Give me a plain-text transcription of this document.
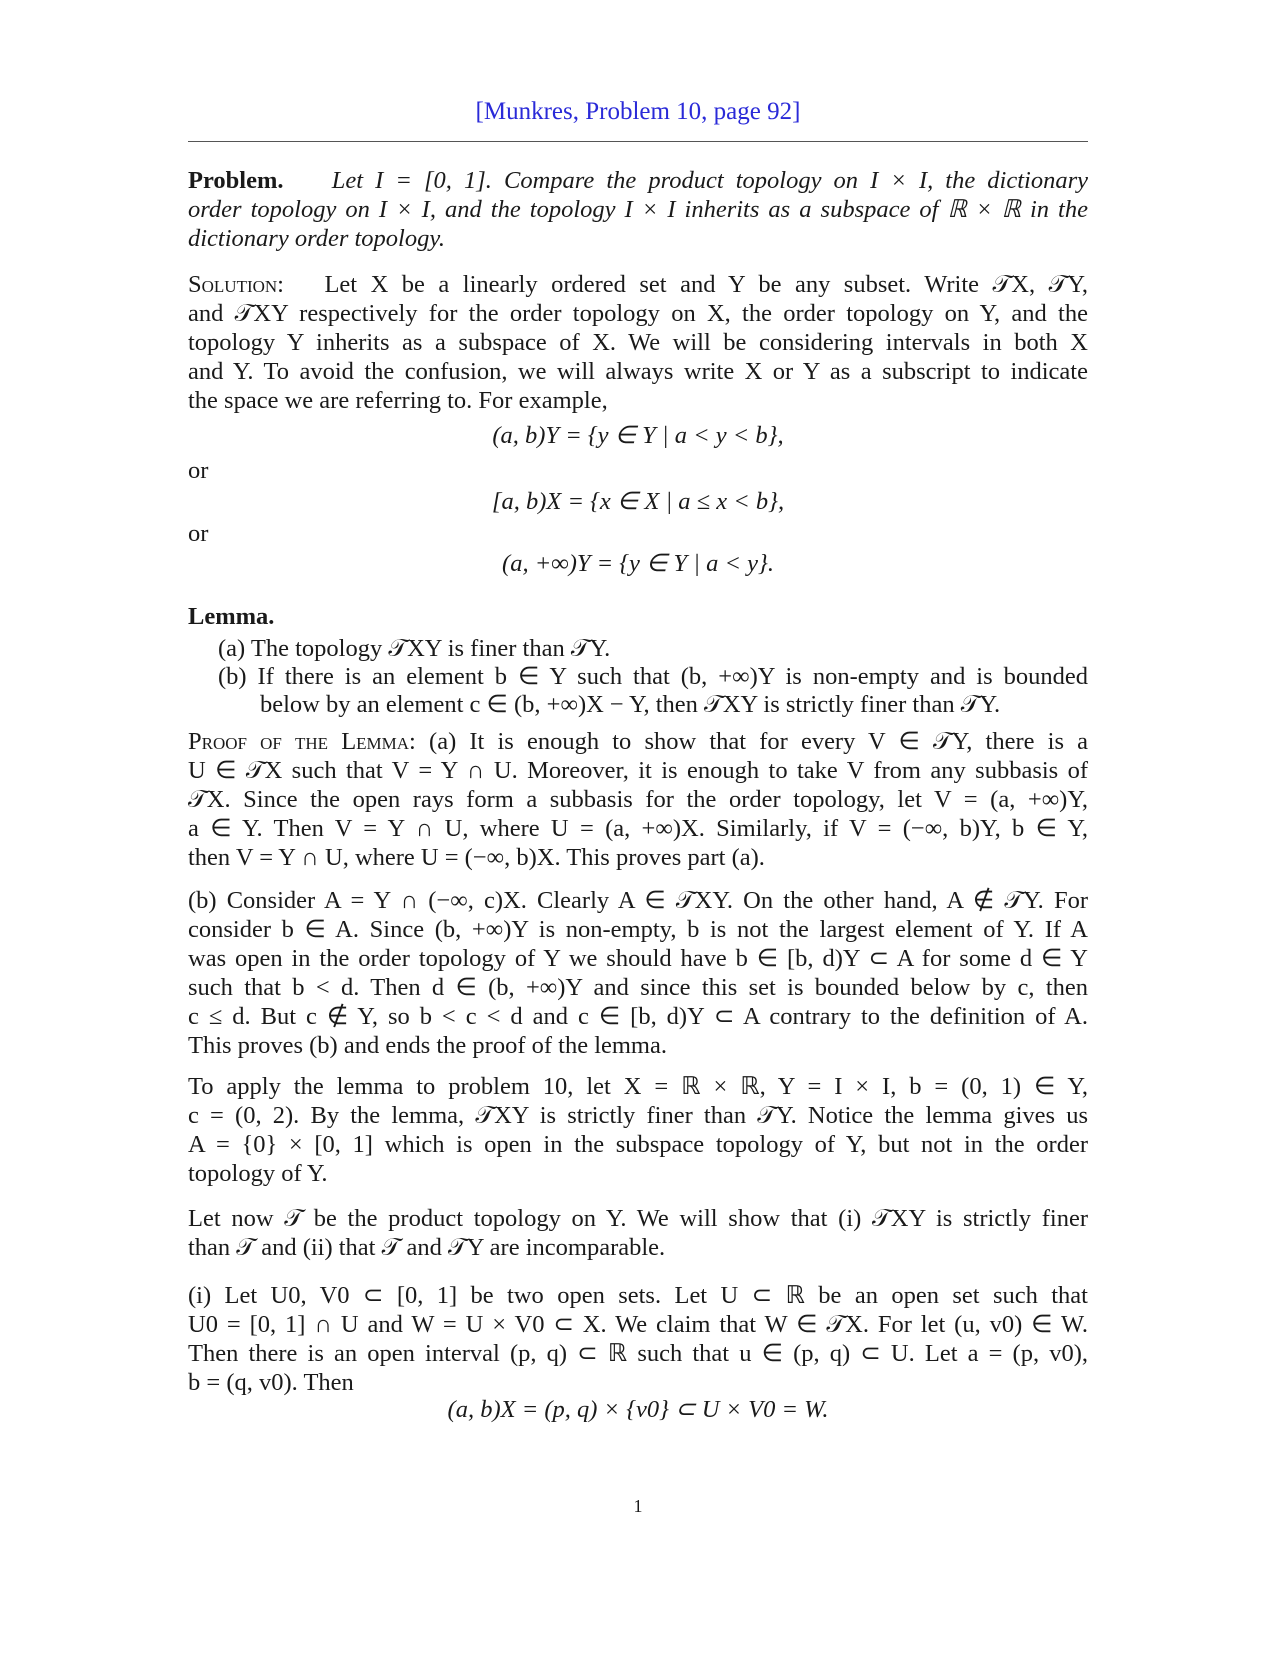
[Munkres, Problem 10, page 92]
Problem. Let I = [0, 1]. Compare the product topology on I × I, the dictionary
order topology on I × I, and the topology I × I inherits as a subspace of ℝ × ℝ in the
dictionary order topology.
Solution: Let X be a linearly ordered set and Y be any subset. Write 𝒯X, 𝒯Y,
and 𝒯XY respectively for the order topology on X, the order topology on Y, and the
topology Y inherits as a subspace of X. We will be considering intervals in both X
and Y. To avoid the confusion, we will always write X or Y as a subscript to indicate
the space we are referring to. For example,
(a, b)Y = {y ∈ Y | a < y < b},
or
[a, b)X = {x ∈ X | a ≤ x < b},
or
(a, +∞)Y = {y ∈ Y | a < y}.
Lemma.
(a) The topology 𝒯XY is finer than 𝒯Y.
(b) If there is an element b ∈ Y such that (b, +∞)Y is non-empty and is bounded
below by an element c ∈ (b, +∞)X − Y, then 𝒯XY is strictly finer than 𝒯Y.
Proof of the Lemma: (a) It is enough to show that for every V ∈ 𝒯Y, there is a
U ∈ 𝒯X such that V = Y ∩ U. Moreover, it is enough to take V from any subbasis of
𝒯X. Since the open rays form a subbasis for the order topology, let V = (a, +∞)Y,
a ∈ Y. Then V = Y ∩ U, where U = (a, +∞)X. Similarly, if V = (−∞, b)Y, b ∈ Y,
then V = Y ∩ U, where U = (−∞, b)X. This proves part (a).
(b) Consider A = Y ∩ (−∞, c)X. Clearly A ∈ 𝒯XY. On the other hand, A ∉ 𝒯Y. For
consider b ∈ A. Since (b, +∞)Y is non-empty, b is not the largest element of Y. If A
was open in the order topology of Y we should have b ∈ [b, d)Y ⊂ A for some d ∈ Y
such that b < d. Then d ∈ (b, +∞)Y and since this set is bounded below by c, then
c ≤ d. But c ∉ Y, so b < c < d and c ∈ [b, d)Y ⊂ A contrary to the definition of A.
This proves (b) and ends the proof of the lemma.
To apply the lemma to problem 10, let X = ℝ × ℝ, Y = I × I, b = (0, 1) ∈ Y,
c = (0, 2). By the lemma, 𝒯XY is strictly finer than 𝒯Y. Notice the lemma gives us
A = {0} × [0, 1] which is open in the subspace topology of Y, but not in the order
topology of Y.
Let now 𝒯 be the product topology on Y. We will show that (i) 𝒯XY is strictly finer
than 𝒯 and (ii) that 𝒯 and 𝒯Y are incomparable.
(i) Let U0, V0 ⊂ [0, 1] be two open sets. Let U ⊂ ℝ be an open set such that
U0 = [0, 1] ∩ U and W = U × V0 ⊂ X. We claim that W ∈ 𝒯X. For let (u, v0) ∈ W.
Then there is an open interval (p, q) ⊂ ℝ such that u ∈ (p, q) ⊂ U. Let a = (p, v0),
b = (q, v0). Then
(a, b)X = (p, q) × {v0} ⊂ U × V0 = W.
1
